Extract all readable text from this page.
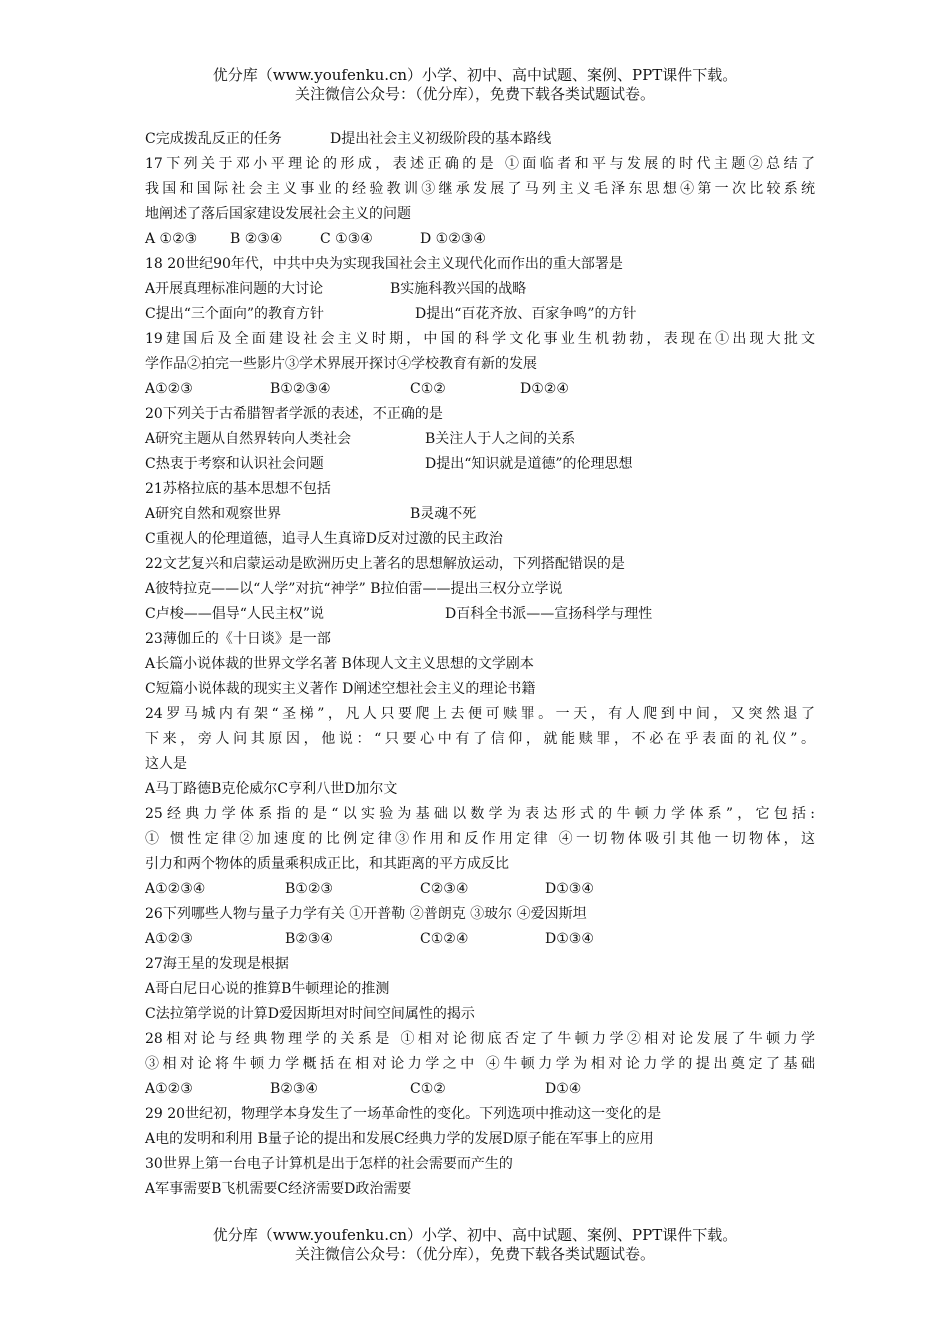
优分库（www.youfenku.cn）小学、初中、高中试题、案例、PPT课件下载。
关注微信公众号：（优分库），免费下载各类试题试卷。
C完成拨乱反正的任务	D提出社会主义初级阶段的基本路线
17下列关于邓小平理论的形成，表述正确的是 ①面临者和平与发展的时代主题②总结了
我国和国际社会主义事业的经验教训③继承发展了马列主义毛泽东思想④第一次比较系统
地阐述了落后国家建设发展社会主义的问题
A ①②③ B ②③④	C ①③④	D ①②③④
18 20世纪90年代，中共中央为实现我国社会主义现代化而作出的重大部署是
A开展真理标准问题的大讨论	B实施科教兴国的战略
C提出“三个面向”的教育方针	D提出“百花齐放、百家争鸣”的方针
19建国后及全面建设社会主义时期，中国的科学文化事业生机勃勃，表现在①出现大批文
学作品②拍完一些影片③学术界展开探讨④学校教育有新的发展
A①②③	B①②③④	C①②	D①②④
20下列关于古希腊智者学派的表述，不正确的是
A研究主题从自然界转向人类社会	B关注人于人之间的关系
C热衷于考察和认识社会问题	D提出“知识就是道德”的伦理思想
21苏格拉底的基本思想不包括
A研究自然和观察世界	B灵魂不死
C重视人的伦理道德，追寻人生真谛D反对过激的民主政治
22文艺复兴和启蒙运动是欧洲历史上著名的思想解放运动，下列搭配错误的是
A彼特拉克——以“人学”对抗“神学” B拉伯雷——提出三权分立学说
C卢梭——倡导“人民主权”说	D百科全书派——宣扬科学与理性
23薄伽丘的《十日谈》是一部
A长篇小说体裁的世界文学名著 B体现人文主义思想的文学剧本
C短篇小说体裁的现实主义著作 D阐述空想社会主义的理论书籍
24罗马城内有架“圣梯”，凡人只要爬上去便可赎罪。一天，有人爬到中间，又突然退了
下来，旁人问其原因，他说：“只要心中有了信仰，就能赎罪，不必在乎表面的礼仪”。
这人是
A马丁路德B克伦威尔C亨利八世D加尔文
25经典力学体系指的是“以实验为基础以数学为表达形式的牛顿力学体系”，它包括:
① 惯性定律②加速度的比例定律③作用和反作用定律 ④一切物体吸引其他一切物体，这
引力和两个物体的质量乘积成正比，和其距离的平方成反比
A①②③④	B①②③	C②③④	D①③④
26下列哪些人物与量子力学有关 ①开普勒 ②普朗克 ③玻尔 ④爱因斯坦
A①②③	B②③④	C①②④	D①③④
27海王星的发现是根据
A哥白尼日心说的推算B牛顿理论的推测
C法拉第学说的计算D爱因斯坦对时间空间属性的揭示
28相对论与经典物理学的关系是 ①相对论彻底否定了牛顿力学②相对论发展了牛顿力学
③相对论将牛顿力学概括在相对论力学之中 ④牛顿力学为相对论力学的提出奠定了基础
A①②③	B②③④	C①②	D①④
29 20世纪初，物理学本身发生了一场革命性的变化。下列选项中推动这一变化的是
A电的发明和利用 B量子论的提出和发展C经典力学的发展D原子能在军事上的应用
30世界上第一台电子计算机是出于怎样的社会需要而产生的
A军事需要B飞机需要C经济需要D政治需要
优分库（www.youfenku.cn）小学、初中、高中试题、案例、PPT课件下载。
关注微信公众号：（优分库），免费下载各类试题试卷。
